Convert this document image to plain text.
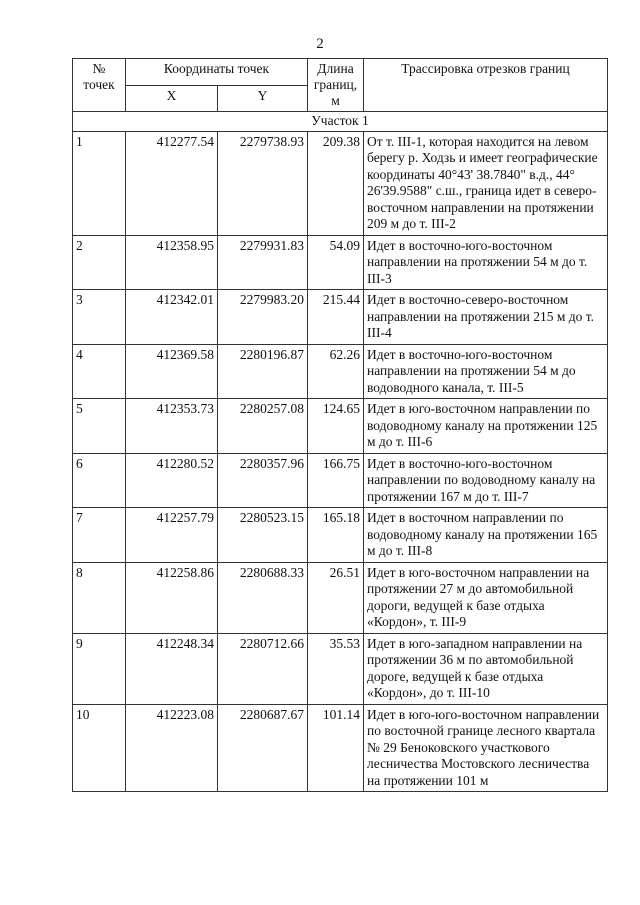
2
№ точек	Координаты точек		Длина границ, м	Трассировка отрезков границ
	X	Y		
Участок 1				
1	412277.54	2279738.93	209.38	От т. III-1, которая находится на левом берегу р. Ходзь и имеет географические координаты 40°43' 38.7840" в.д., 44° 26'39.9588" с.ш., граница идет в северо-восточном направлении на протяжении 209 м до т. III-2
2	412358.95	2279931.83	54.09	Идет в восточно-юго-восточном направлении на протяжении 54 м до т. III-3
3	412342.01	2279983.20	215.44	Идет в восточно-северо-восточном направлении на протяжении 215 м до т. III-4
4	412369.58	2280196.87	62.26	Идет в восточно-юго-восточном направлении на протяжении 54 м до водоводного канала, т. III-5
5	412353.73	2280257.08	124.65	Идет в юго-восточном направлении по водоводному каналу на протяжении 125 м до т. III-6
6	412280.52	2280357.96	166.75	Идет в восточно-юго-восточном направлении по водоводному каналу на протяжении 167 м до т. III-7
7	412257.79	2280523.15	165.18	Идет в восточном направлении по водоводному каналу на протяжении 165 м до т. III-8
8	412258.86	2280688.33	26.51	Идет в юго-восточном направлении на протяжении 27 м до автомобильной дороги, ведущей к базе отдыха «Кордон», т. III-9
9	412248.34	2280712.66	35.53	Идет в юго-западном направлении на протяжении 36 м по автомобильной дороге, ведущей к базе отдыха «Кордон», до т. III-10
10	412223.08	2280687.67	101.14	Идет в юго-юго-восточном направлении по восточной границе лесного квартала № 29 Беноковского участкового лесничества Мостовского лесничества на протяжении 101 м
